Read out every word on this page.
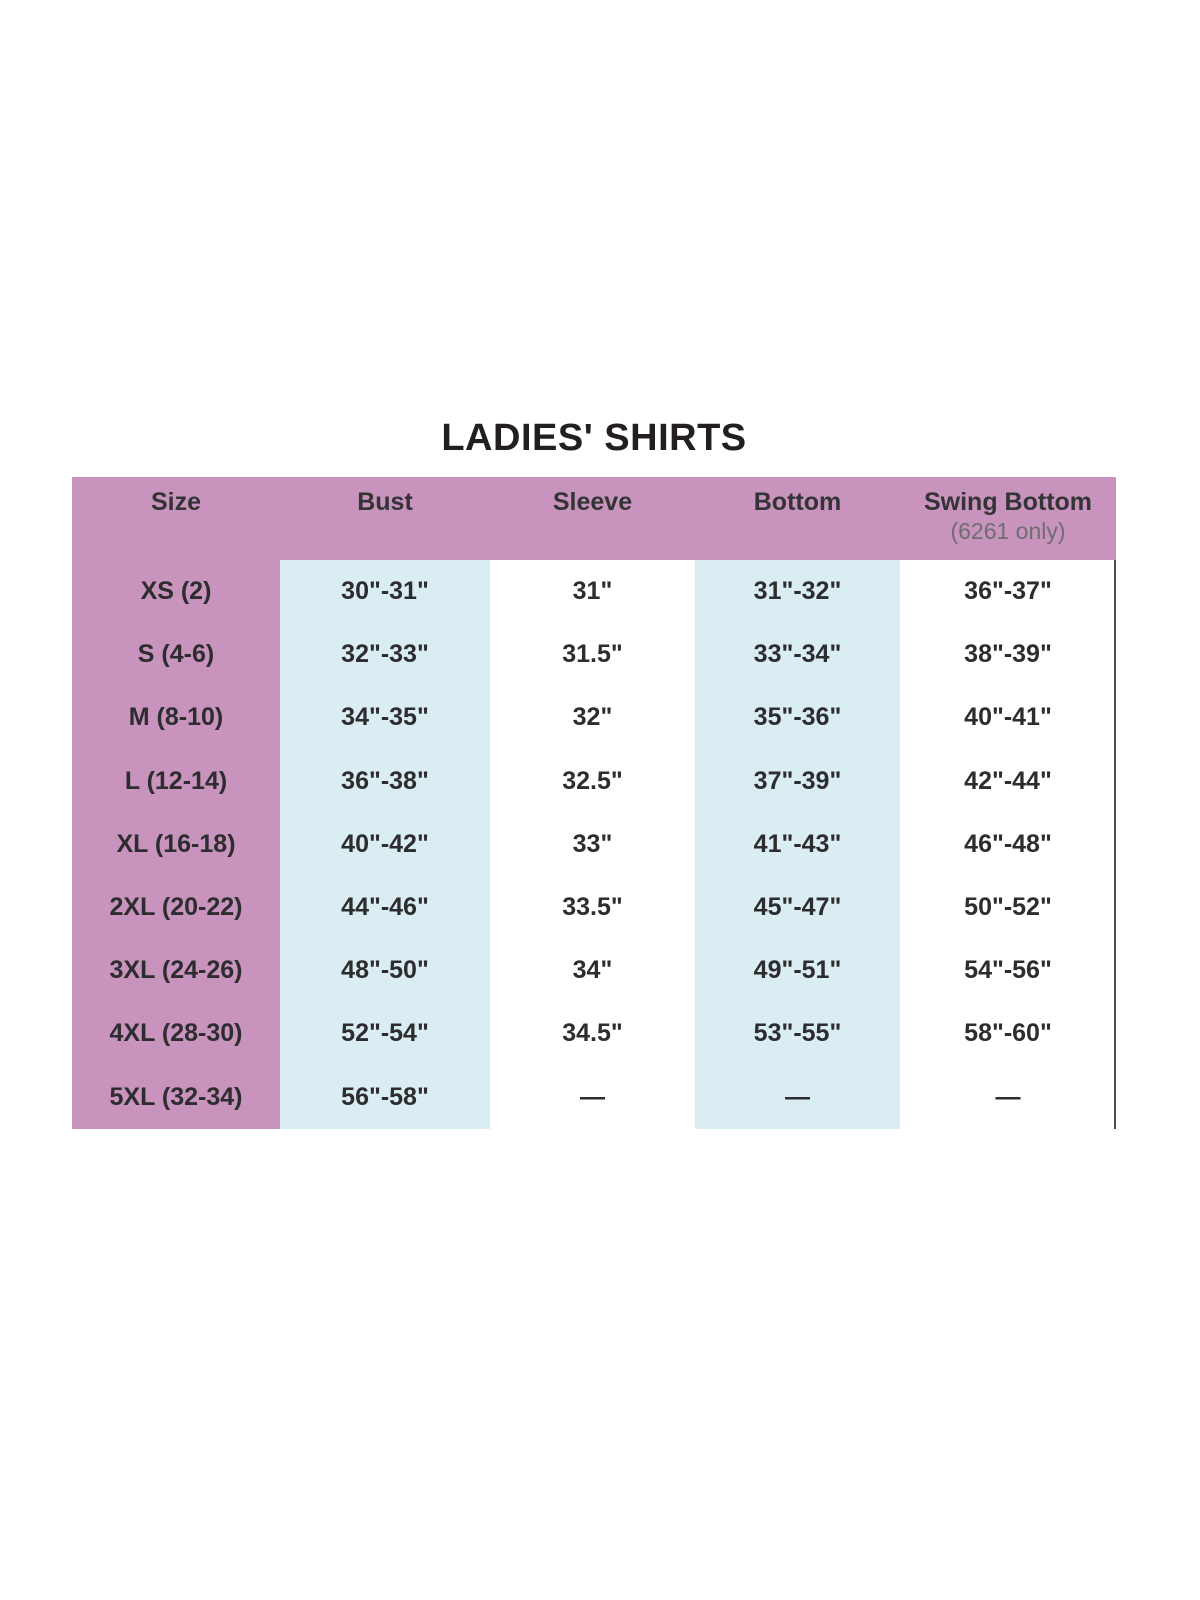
LADIES' SHIRTS
Size	Bust	Sleeve	Bottom	Swing Bottom
(6261 only)
XS (2)	30"-31"	31"	31"-32"	36"-37"
S (4-6)	32"-33"	31.5"	33"-34"	38"-39"
M (8-10)	34"-35"	32"	35"-36"	40"-41"
L (12-14)	36"-38"	32.5"	37"-39"	42"-44"
XL (16-18)	40"-42"	33"	41"-43"	46"-48"
2XL (20-22)	44"-46"	33.5"	45"-47"	50"-52"
3XL (24-26)	48"-50"	34"	49"-51"	54"-56"
4XL (28-30)	52"-54"	34.5"	53"-55"	58"-60"
5XL (32-34)	56"-58"	—	—	—
